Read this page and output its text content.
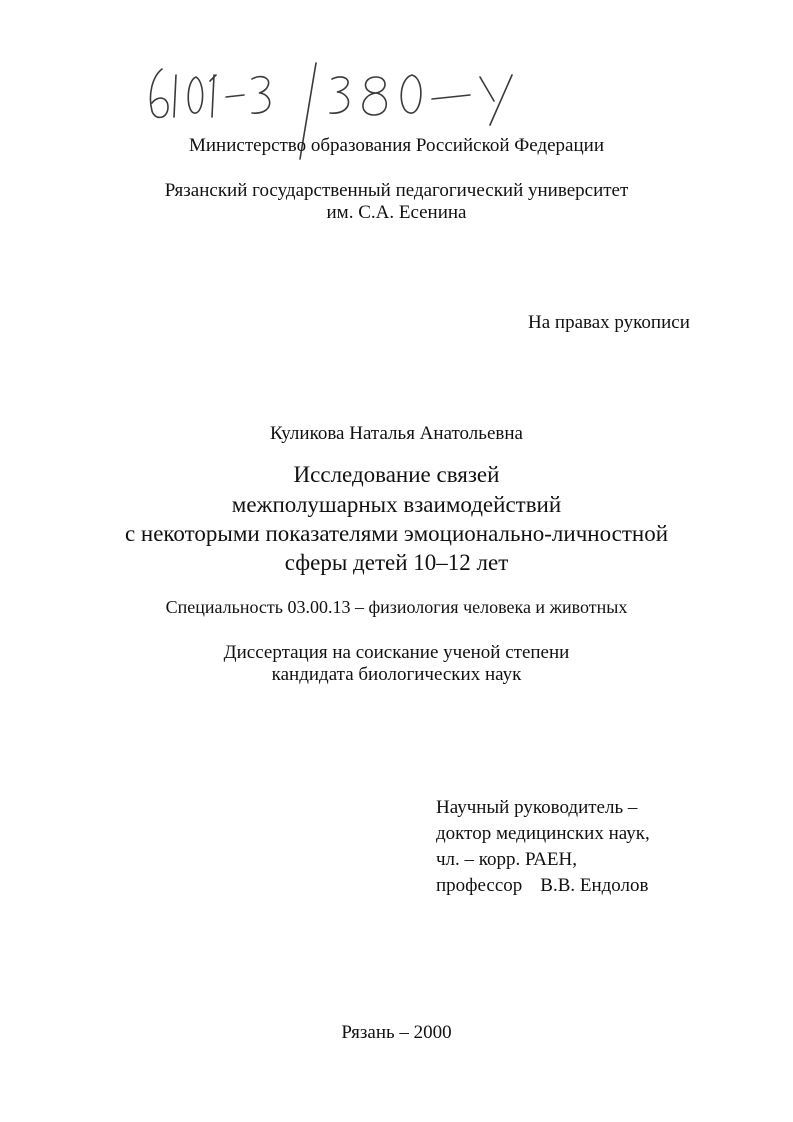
Министерство образования Российской Федерации

Рязанский государственный педагогический университет

им. С.А. Есенина

На правах рукописи

Куликова Наталья Анатольевна

Исследование связей

межполушарных взаимодействий

с некоторыми показателями эмоционально-личностной

сферы детей 10–12 лет

Специальность 03.00.13 – физиология человека и животных

Диссертация на соискание ученой степени

кандидата биологических наук

Научный руководитель –
доктор медицинских наук,
чл. – корр. РАЕН,
профессор В.В. Ендолов

Рязань – 2000
